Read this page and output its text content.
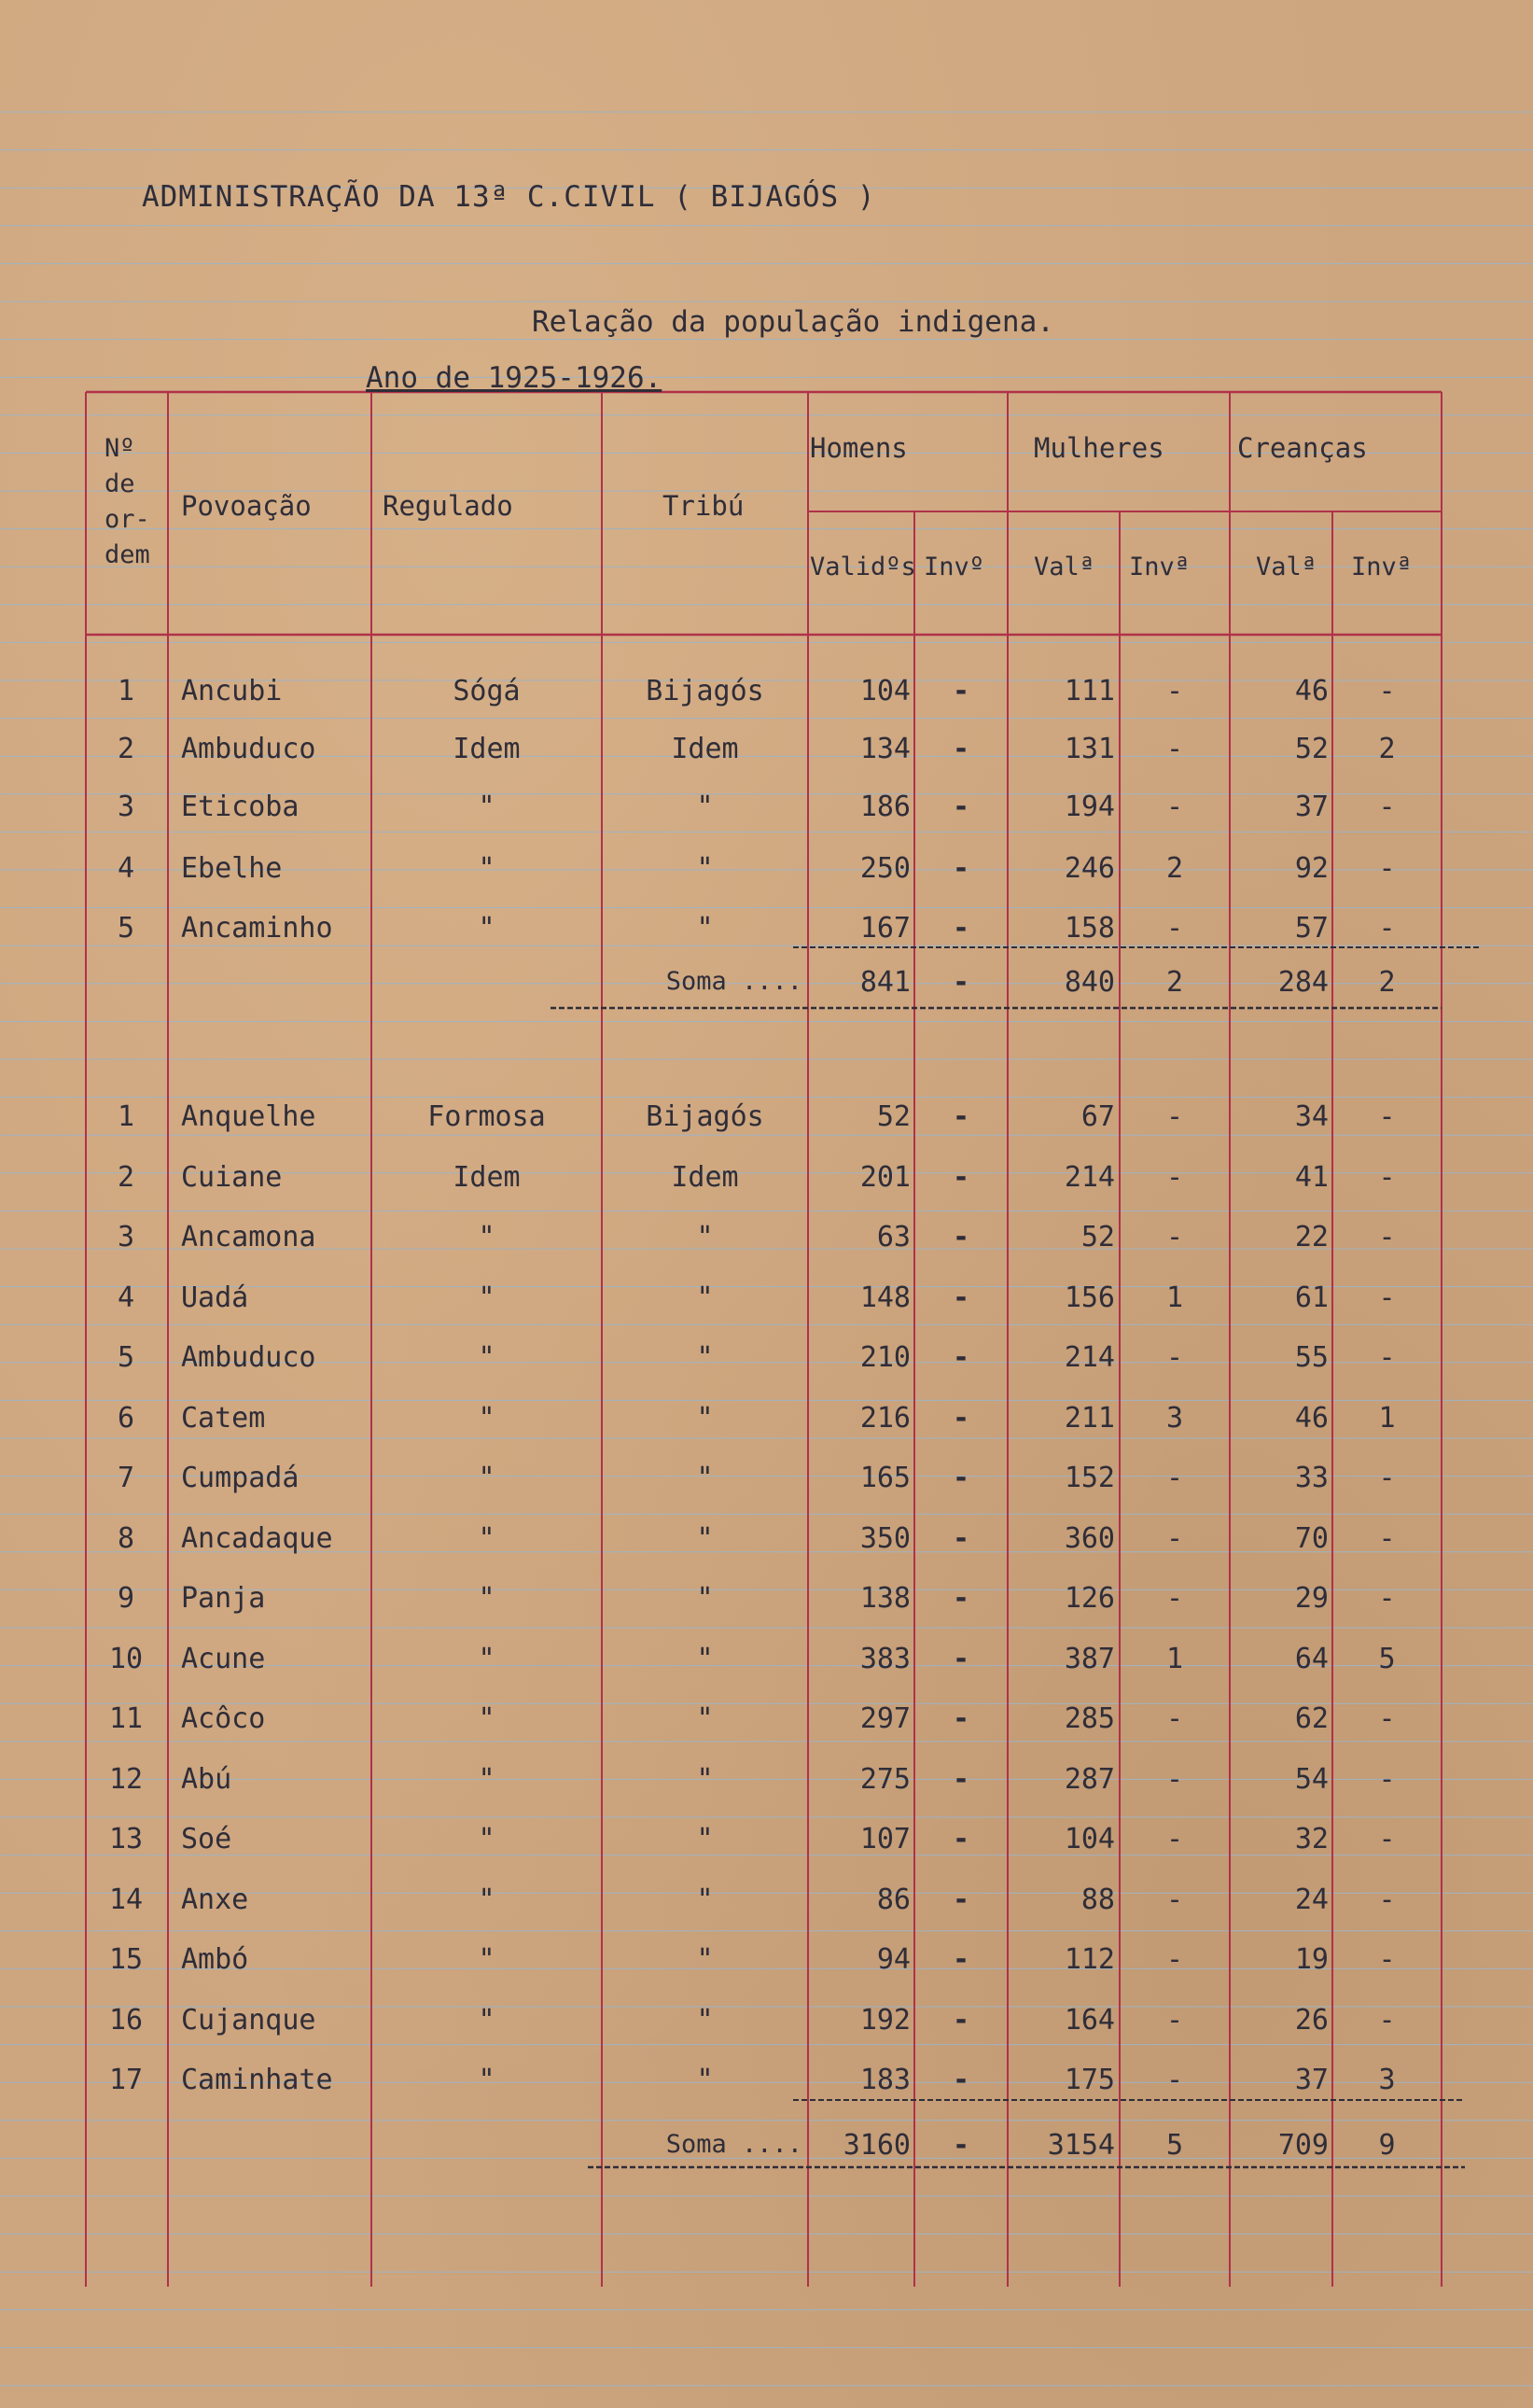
ADMINISTRAÇÃO DA 13ª C.CIVIL ( BIJAGÓS )
Relação da população indigena.
Ano de 1925-1926.
Nº de or- dem
Povoação	Regulado	Tribú
Homens	Mulheres	Creanças
Validºs Invº Valª Invª	Valª Invª
1	Ancubi	Sógá	Bijagós	104	-	111	-	46	-
2	Ambuduco	Idem	Idem	134	-	131	-	52	2
3	Eticoba	"	"	186	-	194	-	37	-
4	Ebelhe	"	"	250	-	246	2	92	-
5	Ancaminho	"	"	167	-	158	-	57	-
Soma ....	841	-	840	2	284	2
1	Anquelhe	Formosa	Bijagós	52	-	67	-	34	-
2	Cuiane	Idem	Idem	201	-	214	-	41	-
3	Ancamona	"	"	63	-	52	-	22	-
4	Uadá	"	"	148	-	156	1	61	-
5	Ambuduco	"	"	210	-	214	-	55	-
6	Catem	"	"	216	-	211	3	46	1
7	Cumpadá	"	"	165	-	152	-	33	-
8	Ancadaque	"	"	350	-	360	-	70	-
9	Panja	"	"	138	-	126	-	29	-
10	Acune	"	"	383	-	387	1	64	5
11	Acôco	"	"	297	-	285	-	62	-
12	Abú	"	"	275	-	287	-	54	-
13	Soé	"	"	107	-	104	-	32	-
14	Anxe	"	"	86	-	88	-	24	-
15	Ambó	"	"	94	-	112	-	19	-
16	Cujanque	"	"	192	-	164	-	26	-
17	Caminhate	"	"	183	-	175	-	37	3
Soma ....	3160	-	3154	5	709	9
